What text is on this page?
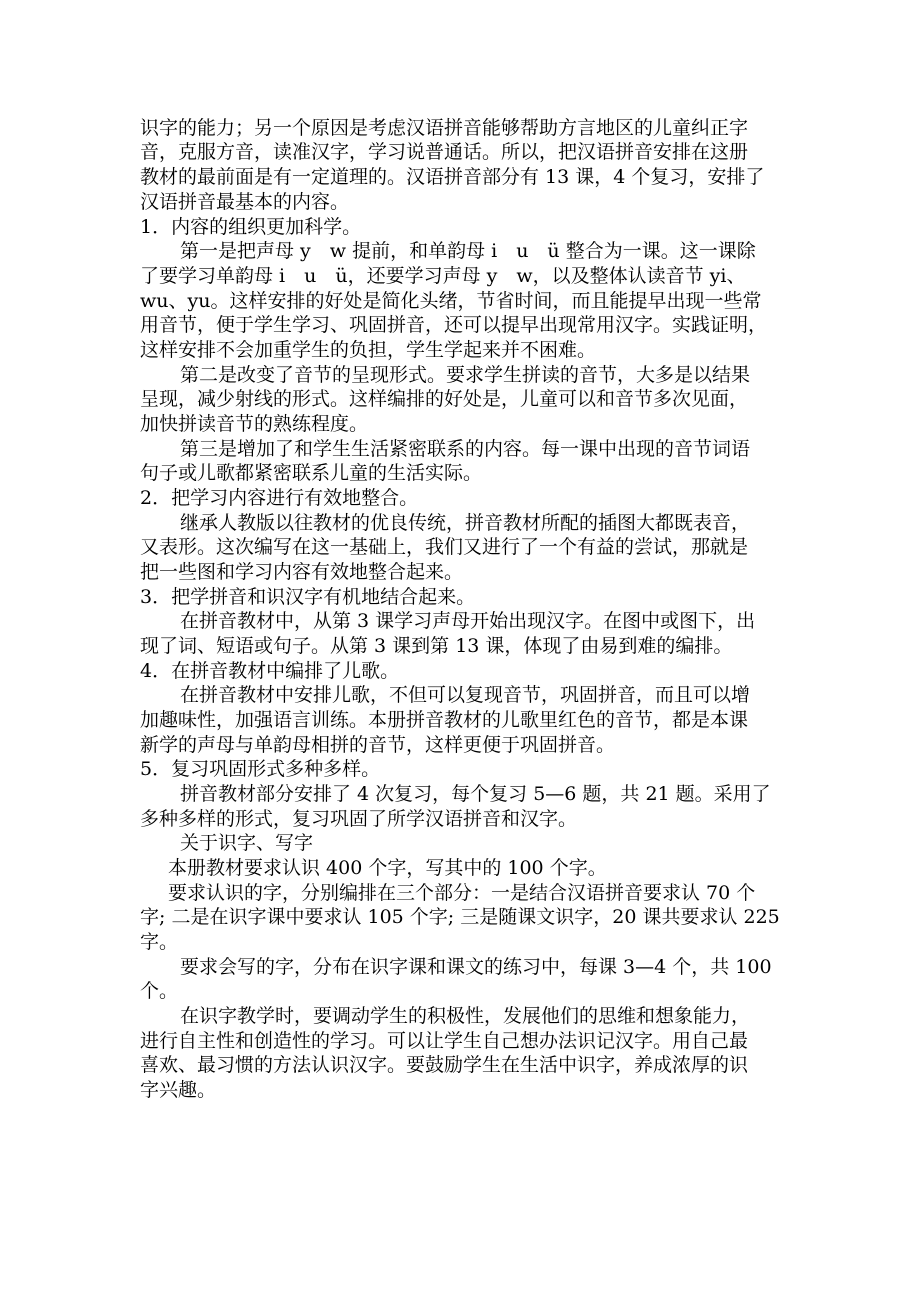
识字的能力；另一个原因是考虑汉语拼音能够帮助方言地区的儿童纠正字
音，克服方音，读准汉字，学习说普通话。所以，把汉语拼音安排在这册
教材的最前面是有一定道理的。汉语拼音部分有 13 课，4 个复习，安排了
汉语拼音最基本的内容。
1．内容的组织更加科学。
第一是把声母 y　w 提前，和单韵母 i　u　ü 整合为一课。这一课除
了要学习单韵母 i　u　ü，还要学习声母 y　w，以及整体认读音节 yi、
wu、yu。这样安排的好处是简化头绪，节省时间，而且能提早出现一些常
用音节，便于学生学习、巩固拼音，还可以提早出现常用汉字。实践证明，
这样安排不会加重学生的负担，学生学起来并不困难。
第二是改变了音节的呈现形式。要求学生拼读的音节，大多是以结果
呈现，减少射线的形式。这样编排的好处是，儿童可以和音节多次见面，
加快拼读音节的熟练程度。
第三是增加了和学生生活紧密联系的内容。每一课中出现的音节词语
句子或儿歌都紧密联系儿童的生活实际。
2．把学习内容进行有效地整合。
继承人教版以往教材的优良传统，拼音教材所配的插图大都既表音，
又表形。这次编写在这一基础上，我们又进行了一个有益的尝试，那就是
把一些图和学习内容有效地整合起来。
3．把学拼音和识汉字有机地结合起来。
在拼音教材中，从第 3 课学习声母开始出现汉字。在图中或图下，出
现了词、短语或句子。从第 3 课到第 13 课，体现了由易到难的编排。
4．在拼音教材中编排了儿歌。
在拼音教材中安排儿歌，不但可以复现音节，巩固拼音，而且可以增
加趣味性，加强语言训练。本册拼音教材的儿歌里红色的音节，都是本课
新学的声母与单韵母相拼的音节，这样更便于巩固拼音。
5．复习巩固形式多种多样。
拼音教材部分安排了 4 次复习，每个复习 5—6 题，共 21 题。采用了
多种多样的形式，复习巩固了所学汉语拼音和汉字。
关于识字、写字
本册教材要求认识 400 个字，写其中的 100 个字。
要求认识的字，分别编排在三个部分：一是结合汉语拼音要求认 70 个
字; 二是在识字课中要求认 105 个字; 三是随课文识字，20 课共要求认 225
字。
要求会写的字，分布在识字课和课文的练习中，每课 3—4 个，共 100
个。
在识字教学时，要调动学生的积极性，发展他们的思维和想象能力，
进行自主性和创造性的学习。可以让学生自己想办法识记汉字。用自己最
喜欢、最习惯的方法认识汉字。要鼓励学生在生活中识字，养成浓厚的识
字兴趣。
